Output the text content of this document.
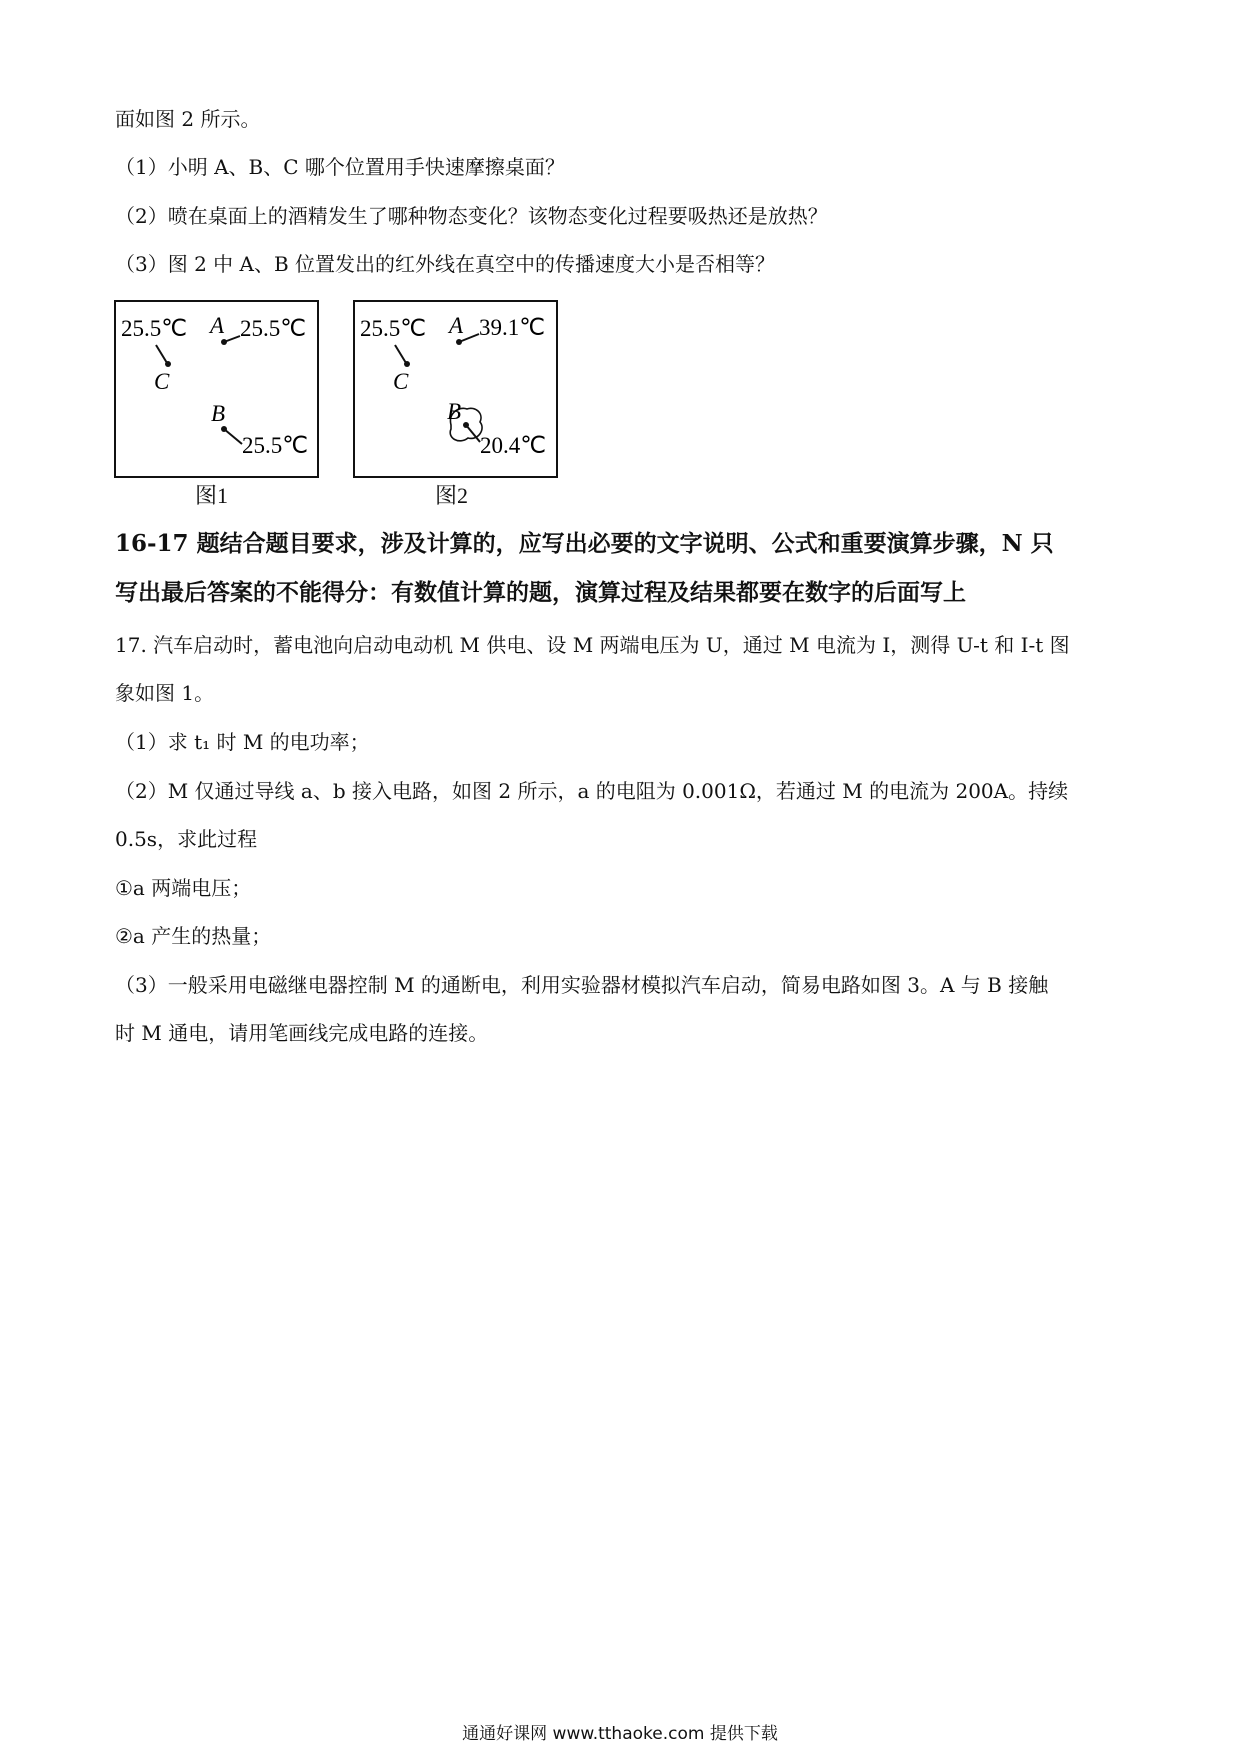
面如图 2 所示。
（1）小明 A、B、C 哪个位置用手快速摩擦桌面？
（2）喷在桌面上的酒精发生了哪种物态变化？该物态变化过程要吸热还是放热？
（3）图 2 中 A、B 位置发出的红外线在真空中的传播速度大小是否相等？
25.5℃
C
A 25.5℃
B
25.5℃
图1
25.5℃
C
A 39.1℃
B
20.4℃
图2
16-17 题结合题目要求，涉及计算的，应写出必要的文字说明、公式和重要演算步骤，N 只
写出最后答案的不能得分：有数值计算的题，演算过程及结果都要在数字的后面写上
17. 汽车启动时，蓄电池向启动电动机 M 供电、设 M 两端电压为 U，通过 M 电流为 I，测得 U-t 和 I-t 图
象如图 1。
（1）求 t₁ 时 M 的电功率；
（2）M 仅通过导线 a、b 接入电路，如图 2 所示，a 的电阻为 0.001Ω，若通过 M 的电流为 200A。持续
0.5s，求此过程
①a 两端电压；
②a 产生的热量；
（3）一般采用电磁继电器控制 M 的通断电，利用实验器材模拟汽车启动，简易电路如图 3。A 与 B 接触
时 M 通电，请用笔画线完成电路的连接。
通通好课网 www.tthaoke.com 提供下载
